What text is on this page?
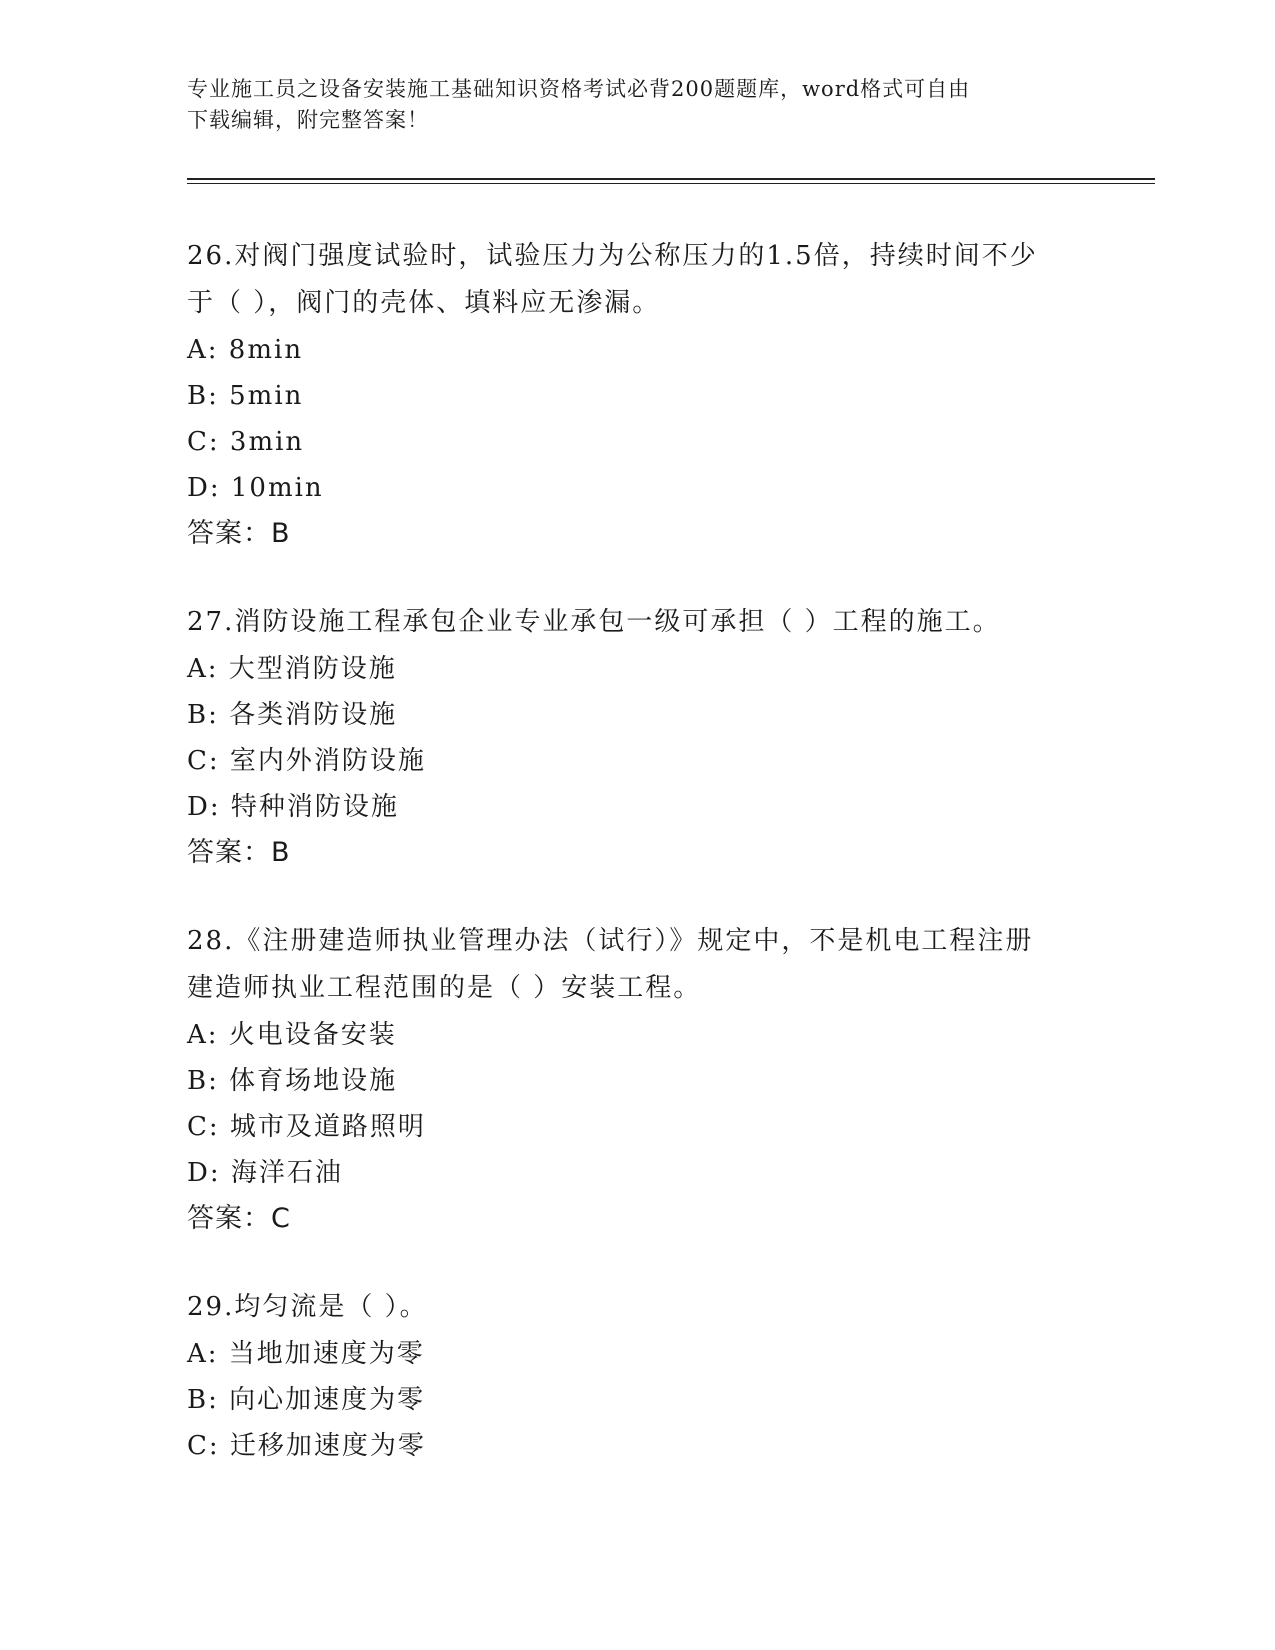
专业施工员之设备安装施工基础知识资格考试必背200题题库，word格式可自由
下载编辑，附完整答案！

26.对阀门强度试验时，试验压力为公称压力的1.5倍，持续时间不少

于（ ），阀门的壳体、填料应无渗漏。

A: 8min

B: 5min

C: 3min

D: 10min

答案：B

27.消防设施工程承包企业专业承包一级可承担（ ）工程的施工。

A: 大型消防设施

B: 各类消防设施

C: 室内外消防设施

D: 特种消防设施

答案：B

28.《注册建造师执业管理办法（试行）》规定中，不是机电工程注册

建造师执业工程范围的是（ ）安装工程。

A: 火电设备安装

B: 体育场地设施

C: 城市及道路照明

D: 海洋石油

答案：C

29.均匀流是（ ）。

A: 当地加速度为零

B: 向心加速度为零

C: 迁移加速度为零
